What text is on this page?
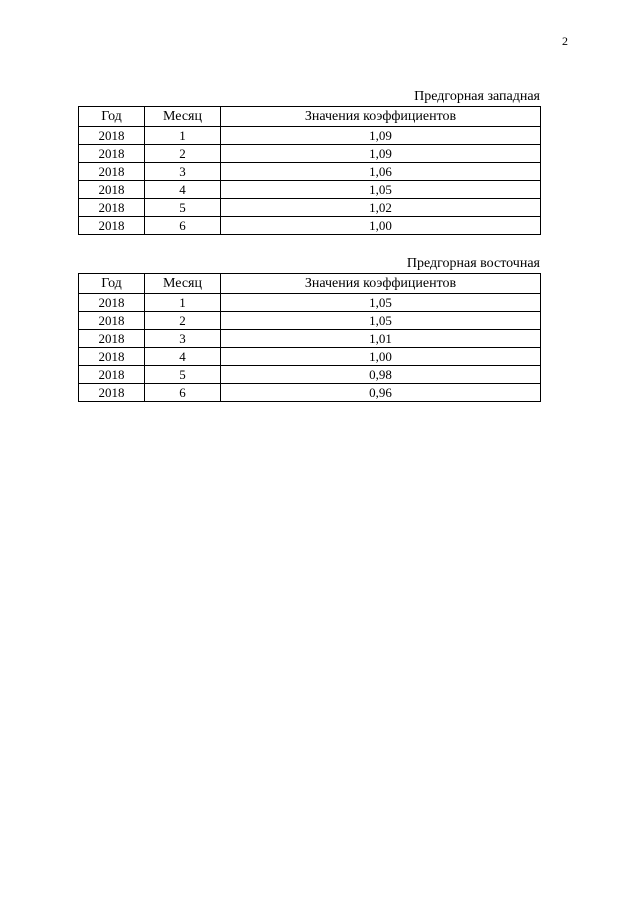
2
Предгорная западная
Год	Месяц	Значения коэффициентов
2018	1	1,09
2018	2	1,09
2018	3	1,06
2018	4	1,05
2018	5	1,02
2018	6	1,00
Предгорная восточная
Год	Месяц	Значения коэффициентов
2018	1	1,05
2018	2	1,05
2018	3	1,01
2018	4	1,00
2018	5	0,98
2018	6	0,96
